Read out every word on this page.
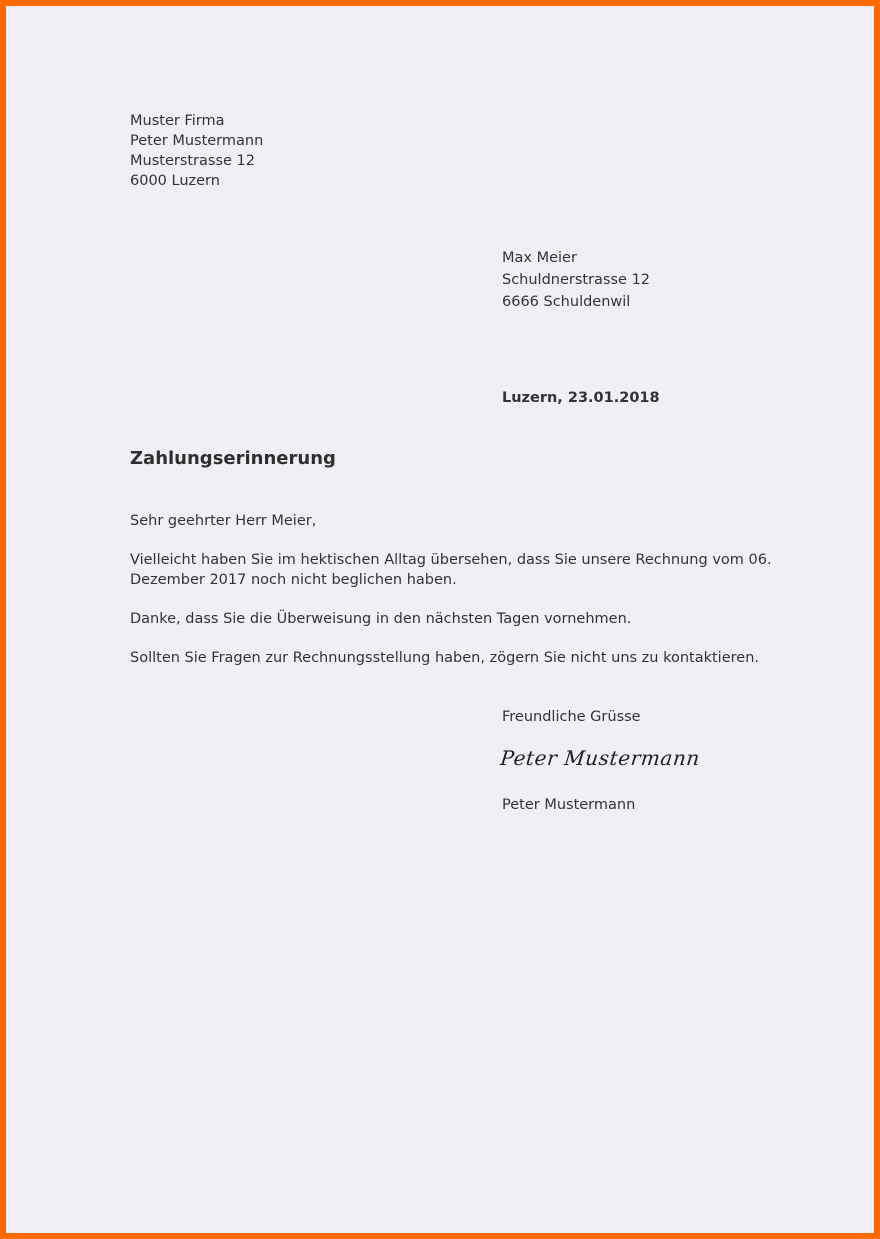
Muster Firma
Peter Mustermann
Musterstrasse 12
6000 Luzern
Max Meier
Schuldnerstrasse 12
6666 Schuldenwil
Luzern, 23.01.2018
Zahlungserinnerung
Sehr geehrter Herr Meier,
Vielleicht haben Sie im hektischen Alltag übersehen, dass Sie unsere Rechnung vom 06. Dezember 2017 noch nicht beglichen haben.
Danke, dass Sie die Überweisung in den nächsten Tagen vornehmen.
Sollten Sie Fragen zur Rechnungsstellung haben, zögern Sie nicht uns zu kontaktieren.
Freundliche Grüsse
Peter Mustermann
Peter Mustermann
